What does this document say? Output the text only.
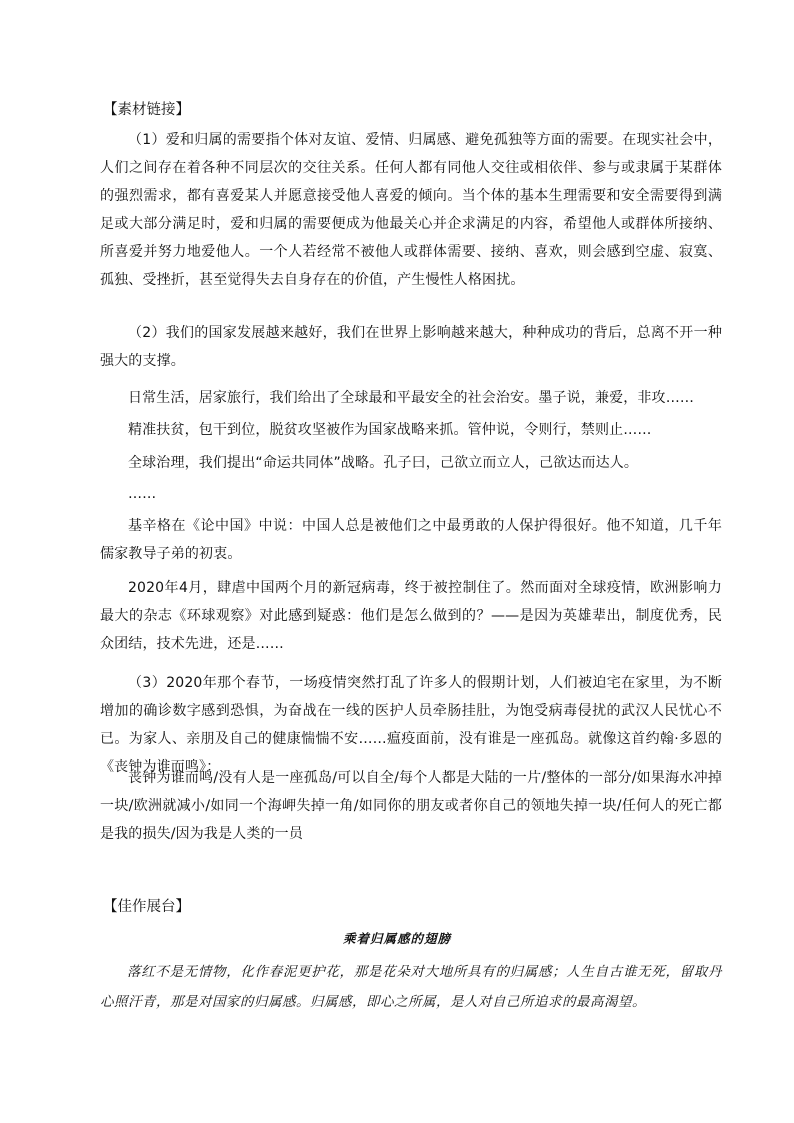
【素材链接】

（1）爱和归属的需要指个体对友谊、爱情、归属感、避免孤独等方面的需要。在现实社会中，人们之间存在着各种不同层次的交往关系。任何人都有同他人交往或相依伴、参与或隶属于某群体的强烈需求，都有喜爱某人并愿意接受他人喜爱的倾向。当个体的基本生理需要和安全需要得到满足或大部分满足时，爱和归属的需要便成为他最关心并企求满足的内容，希望他人或群体所接纳、所喜爱并努力地爱他人。一个人若经常不被他人或群体需要、接纳、喜欢，则会感到空虚、寂寞、孤独、受挫折，甚至觉得失去自身存在的价值，产生慢性人格困扰。

（2）我们的国家发展越来越好，我们在世界上影响越来越大，种种成功的背后，总离不开一种强大的支撑。

日常生活，居家旅行，我们给出了全球最和平最安全的社会治安。墨子说，兼爱，非攻……

精准扶贫，包干到位，脱贫攻坚被作为国家战略来抓。管仲说，令则行，禁则止……

全球治理，我们提出“命运共同体”战略。孔子曰，己欲立而立人，己欲达而达人。

……

基辛格在《论中国》中说：中国人总是被他们之中最勇敢的人保护得很好。他不知道，几千年儒家教导子弟的初衷。

2020年4月，肆虐中国两个月的新冠病毒，终于被控制住了。然而面对全球疫情，欧洲影响力最大的杂志《环球观察》对此感到疑惑：他们是怎么做到的？——是因为英雄辈出，制度优秀，民众团结，技术先进，还是……

（3）2020年那个春节，一场疫情突然打乱了许多人的假期计划，人们被迫宅在家里，为不断增加的确诊数字感到恐惧，为奋战在一线的医护人员牵肠挂肚，为饱受病毒侵扰的武汉人民忧心不已。为家人、亲朋及自己的健康惴惴不安……瘟疫面前，没有谁是一座孤岛。就像这首约翰·多恩的《丧钟为谁而鸣》：

丧钟为谁而鸣/没有人是一座孤岛/可以自全/每个人都是大陆的一片/整体的一部分/如果海水冲掉一块/欧洲就减小/如同一个海岬失掉一角/如同你的朋友或者你自己的领地失掉一块/任何人的死亡都是我的损失/因为我是人类的一员

【佳作展台】

乘着归属感的翅膀

落红不是无情物，化作春泥更护花，那是花朵对大地所具有的归属感；人生自古谁无死，留取丹心照汗青，那是对国家的归属感。归属感，即心之所属，是人对自己所追求的最高渴望。
